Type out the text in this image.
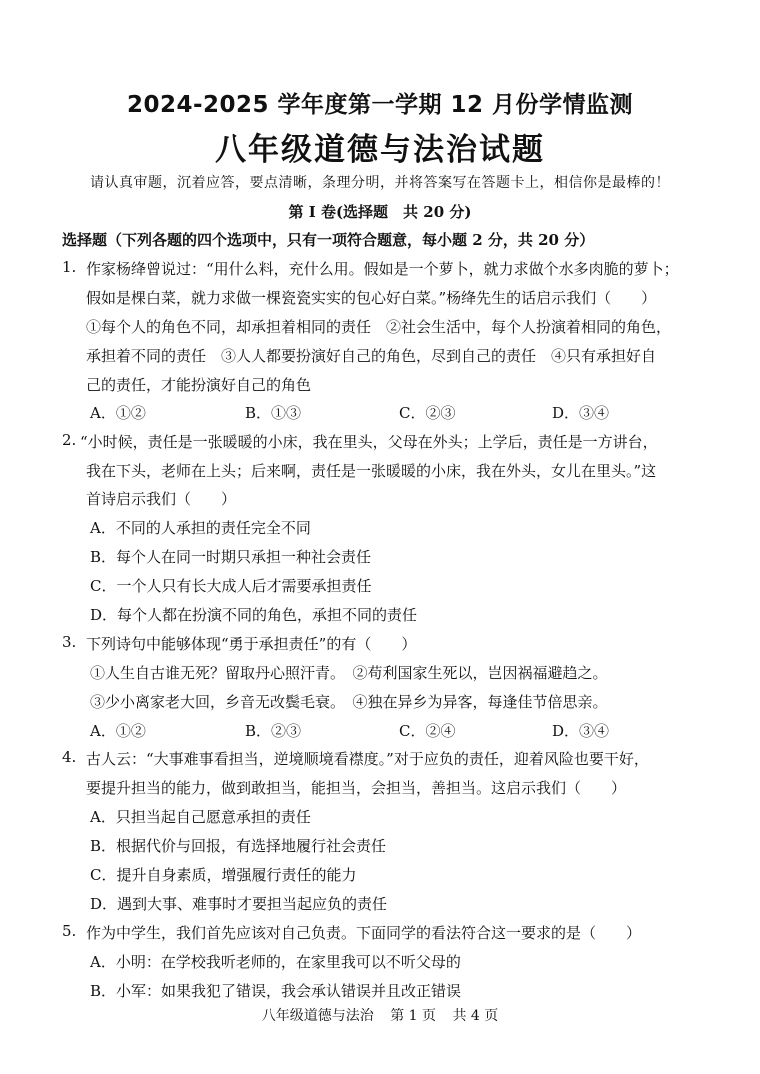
2024-2025 学年度第一学期 12 月份学情监测
八年级道德与法治试题
请认真审题，沉着应答，要点清晰，条理分明，并将答案写在答题卡上，相信你是最棒的！
第 I 卷(选择题　共 20 分)
选择题（下列各题的四个选项中，只有一项符合题意，每小题 2 分，共 20 分）
1. 作家杨绛曾说过：“用什么料，充什么用。假如是一个萝卜，就力求做个水多肉脆的萝卜；
假如是棵白菜，就力求做一棵瓷瓷实实的包心好白菜。”杨绛先生的话启示我们（　　）
①每个人的角色不同，却承担着相同的责任　②社会生活中，每个人扮演着相同的角色，
承担着不同的责任　③人人都要扮演好自己的角色，尽到自己的责任　④只有承担好自
己的责任，才能扮演好自己的角色
A．①②	B．①③	C．②③	D．③④
2. “小时候，责任是一张暖暖的小床，我在里头，父母在外头；上学后，责任是一方讲台，
我在下头，老师在上头；后来啊，责任是一张暖暖的小床，我在外头，女儿在里头。”这
首诗启示我们（　　）
A．不同的人承担的责任完全不同
B．每个人在同一时期只承担一种社会责任
C．一个人只有长大成人后才需要承担责任
D．每个人都在扮演不同的角色，承担不同的责任
3. 下列诗句中能够体现“勇于承担责任”的有（　　）
①人生自古谁无死？留取丹心照汗青。　②苟利国家生死以，岂因祸福避趋之。
③少小离家老大回，乡音无改鬓毛衰。　④独在异乡为异客，每逢佳节倍思亲。
A．①②	B．②③	C．②④	D．③④
4. 古人云：“大事难事看担当，逆境顺境看襟度。”对于应负的责任，迎着风险也要干好，
要提升担当的能力，做到敢担当，能担当，会担当，善担当。这启示我们（　　）
A．只担当起自己愿意承担的责任
B．根据代价与回报，有选择地履行社会责任
C．提升自身素质，增强履行责任的能力
D．遇到大事、难事时才要担当起应负的责任
5. 作为中学生，我们首先应该对自己负责。下面同学的看法符合这一要求的是（　　）
A．小明：在学校我听老师的，在家里我可以不听父母的
B．小军：如果我犯了错误，我会承认错误并且改正错误
八年级道德与法治 第 1 页 共 4 页
